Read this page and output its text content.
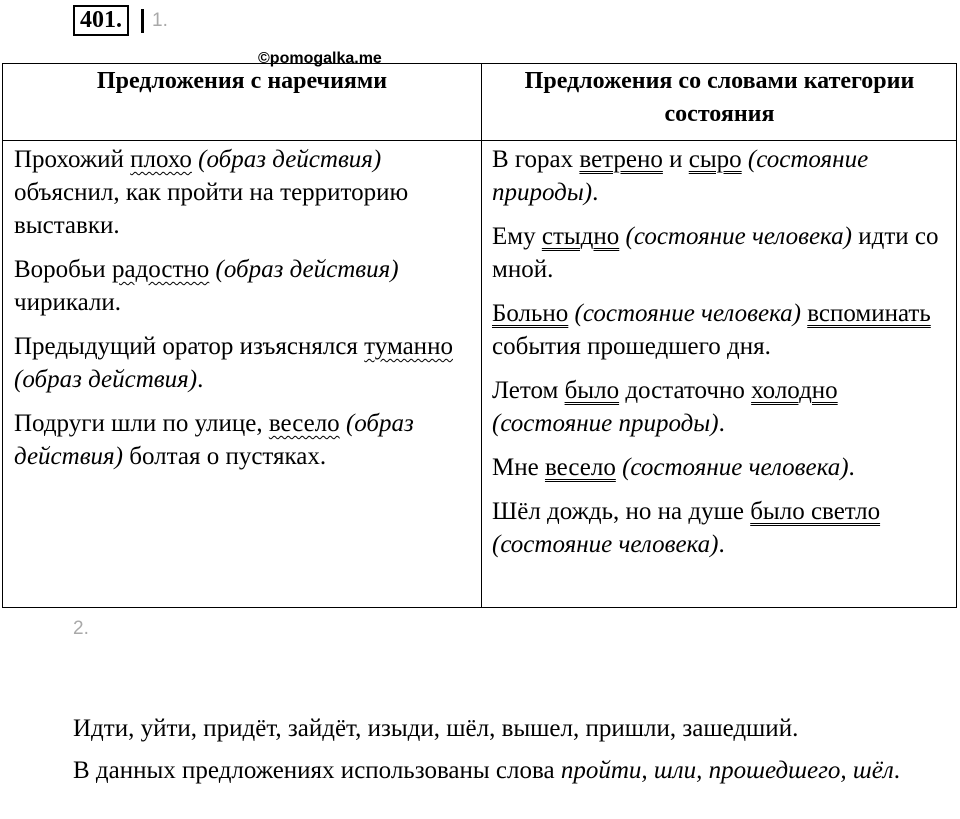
401.	1.
©pomogalka.me
Предложения с наречиями	Предложения со словами категории состояния

Прохожий плохо (образ действия) объяснил, как пройти на территорию выставки.

Воробьи радостно (образ действия) чирикали.

Предыдущий оратор изъяснялся туманно (образ действия).

Подруги шли по улице, весело (образ действия) болтая о пустяках.

В горах ветрено и сыро (состояние природы).

Ему стыдно (состояние человека) идти со мной.

Больно (состояние человека) вспоминать события прошедшего дня.

Летом было достаточно холодно (состояние природы).

Мне весело (состояние человека).

Шёл дождь, но на душе было светло (состояние человека).

2.
Идти, уйти, придёт, зайдёт, изыди, шёл, вышел, пришли, зашедший.
В данных предложениях использованы слова пройти, шли, прошедшего, шёл.
